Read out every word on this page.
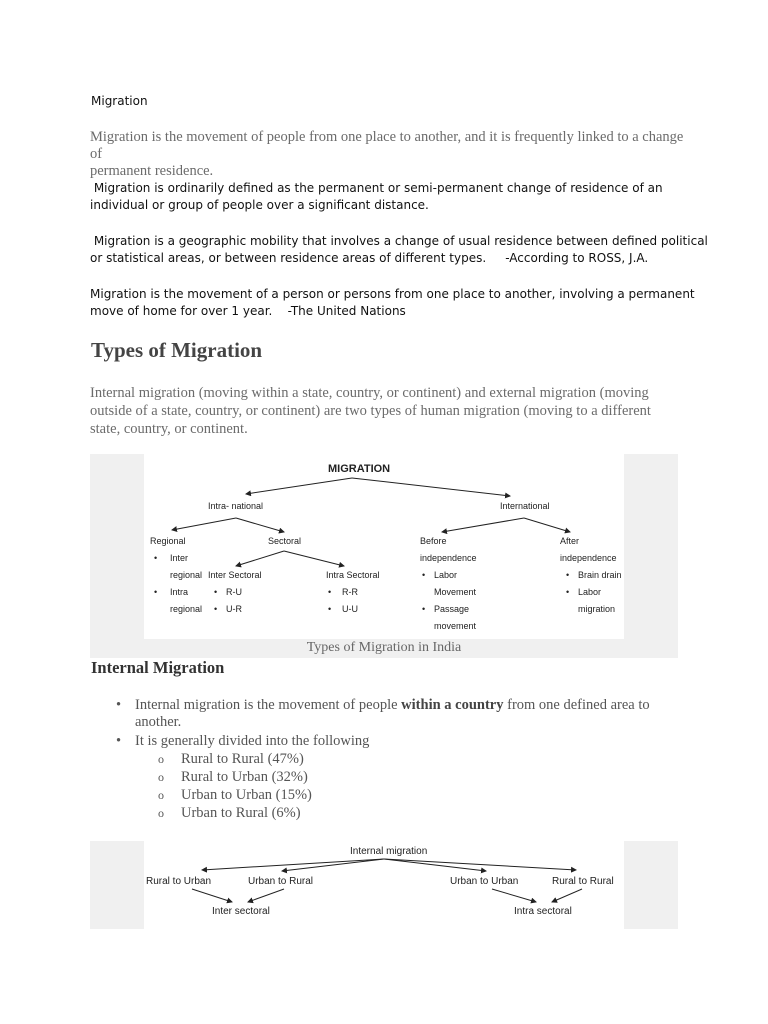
Migration
Migration is the movement of people from one place to another, and it is frequently linked to a change of
permanent residence.
Migration is ordinarily defined as the permanent or semi-permanent change of residence of an
individual or group of people over a significant distance.
Migration is a geographic mobility that involves a change of usual residence between defined political
or statistical areas, or between residence areas of different types.     -According to ROSS, J.A.
Migration is the movement of a person or persons from one place to another, involving a permanent
move of home for over 1 year.    -The United Nations
Types of Migration
Internal migration (moving within a state, country, or continent) and external migration (moving
outside of a state, country, or continent) are two types of human migration (moving to a different
state, country, or continent.
MIGRATION
Intra- national	International
Regional	Sectoral	Before
independence
After
independence
• Inter
regional
• Intra
regional
Inter Sectoral
• R-U
• U-R
Intra Sectoral
• R-R
• U-U
• Labor
Movement
• Passage
movement
• Brain drain
• Labor
migration
Types of Migration in India
Internal Migration
• Internal migration is the movement of people within a country from one defined area to
another.
• It is generally divided into the following
o Rural to Rural (47%)
o Rural to Urban (32%)
o Urban to Urban (15%)
o Urban to Rural (6%)
Internal migration
Rural to Urban	Urban to Rural	Urban to Urban	Rural to Rural
Inter sectoral	Intra sectoral
